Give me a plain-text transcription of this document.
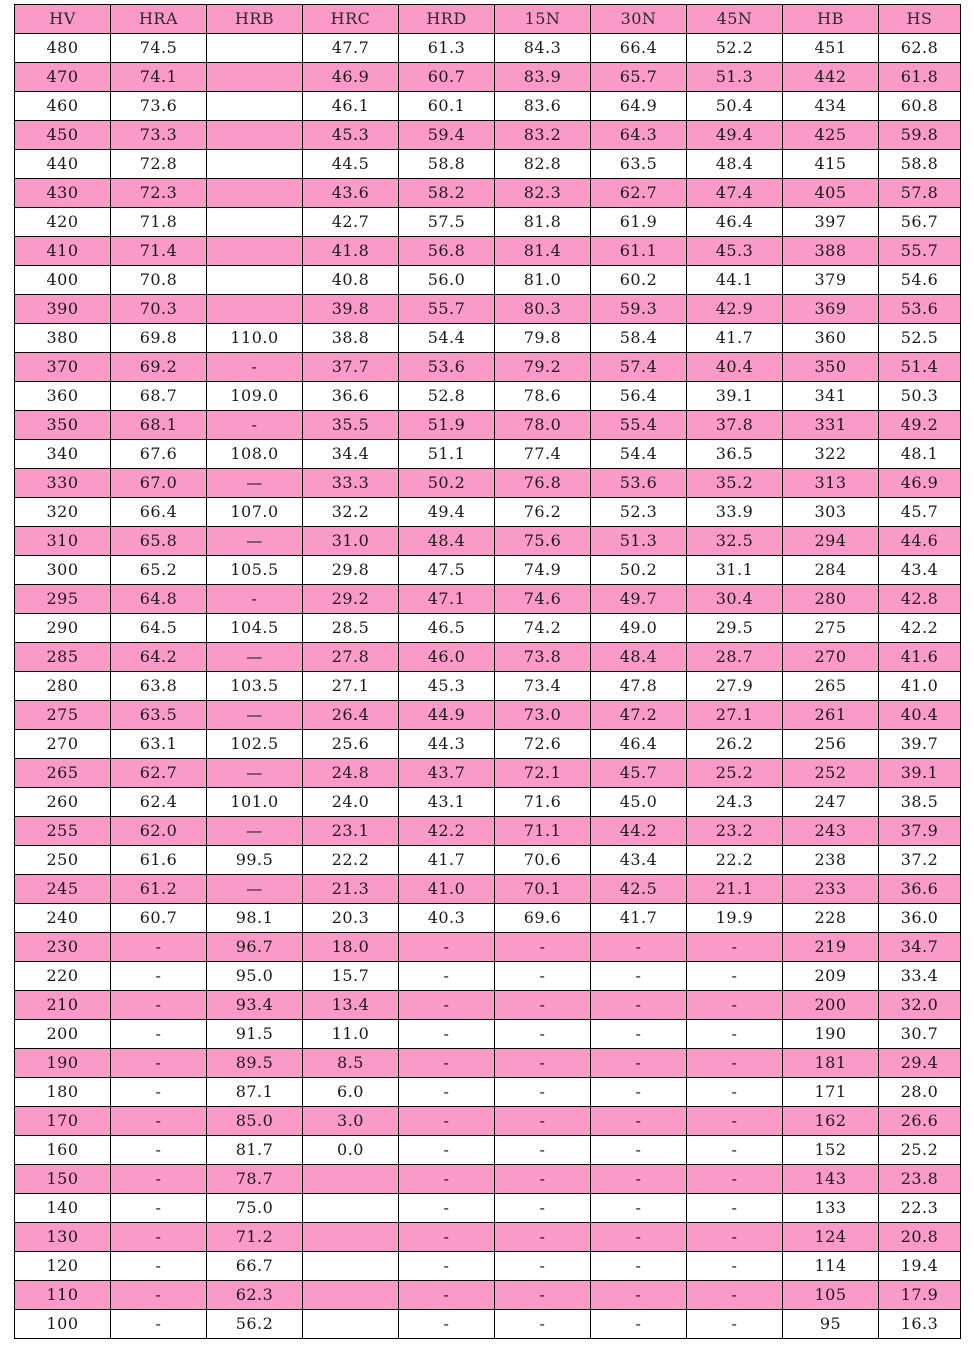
HV	HRA	HRB	HRC	HRD	15N	30N	45N	HB	HS
480	74.5		47.7	61.3	84.3	66.4	52.2	451	62.8
470	74.1		46.9	60.7	83.9	65.7	51.3	442	61.8
460	73.6		46.1	60.1	83.6	64.9	50.4	434	60.8
450	73.3		45.3	59.4	83.2	64.3	49.4	425	59.8
440	72.8		44.5	58.8	82.8	63.5	48.4	415	58.8
430	72.3		43.6	58.2	82.3	62.7	47.4	405	57.8
420	71.8		42.7	57.5	81.8	61.9	46.4	397	56.7
410	71.4		41.8	56.8	81.4	61.1	45.3	388	55.7
400	70.8		40.8	56.0	81.0	60.2	44.1	379	54.6
390	70.3		39.8	55.7	80.3	59.3	42.9	369	53.6
380	69.8	110.0	38.8	54.4	79.8	58.4	41.7	360	52.5
370	69.2	-	37.7	53.6	79.2	57.4	40.4	350	51.4
360	68.7	109.0	36.6	52.8	78.6	56.4	39.1	341	50.3
350	68.1	-	35.5	51.9	78.0	55.4	37.8	331	49.2
340	67.6	108.0	34.4	51.1	77.4	54.4	36.5	322	48.1
330	67.0	—	33.3	50.2	76.8	53.6	35.2	313	46.9
320	66.4	107.0	32.2	49.4	76.2	52.3	33.9	303	45.7
310	65.8	—	31.0	48.4	75.6	51.3	32.5	294	44.6
300	65.2	105.5	29.8	47.5	74.9	50.2	31.1	284	43.4
295	64.8	-	29.2	47.1	74.6	49.7	30.4	280	42.8
290	64.5	104.5	28.5	46.5	74.2	49.0	29.5	275	42.2
285	64.2	—	27.8	46.0	73.8	48.4	28.7	270	41.6
280	63.8	103.5	27.1	45.3	73.4	47.8	27.9	265	41.0
275	63.5	—	26.4	44.9	73.0	47.2	27.1	261	40.4
270	63.1	102.5	25.6	44.3	72.6	46.4	26.2	256	39.7
265	62.7	—	24.8	43.7	72.1	45.7	25.2	252	39.1
260	62.4	101.0	24.0	43.1	71.6	45.0	24.3	247	38.5
255	62.0	—	23.1	42.2	71.1	44.2	23.2	243	37.9
250	61.6	99.5	22.2	41.7	70.6	43.4	22.2	238	37.2
245	61.2	—	21.3	41.0	70.1	42.5	21.1	233	36.6
240	60.7	98.1	20.3	40.3	69.6	41.7	19.9	228	36.0
230	-	96.7	18.0	-	-	-	-	219	34.7
220	-	95.0	15.7	-	-	-	-	209	33.4
210	-	93.4	13.4	-	-	-	-	200	32.0
200	-	91.5	11.0	-	-	-	-	190	30.7
190	-	89.5	8.5	-	-	-	-	181	29.4
180	-	87.1	6.0	-	-	-	-	171	28.0
170	-	85.0	3.0	-	-	-	-	162	26.6
160	-	81.7	0.0	-	-	-	-	152	25.2
150	-	78.7		-	-	-	-	143	23.8
140	-	75.0		-	-	-	-	133	22.3
130	-	71.2		-	-	-	-	124	20.8
120	-	66.7		-	-	-	-	114	19.4
110	-	62.3		-	-	-	-	105	17.9
100	-	56.2		-	-	-	-	95	16.3
